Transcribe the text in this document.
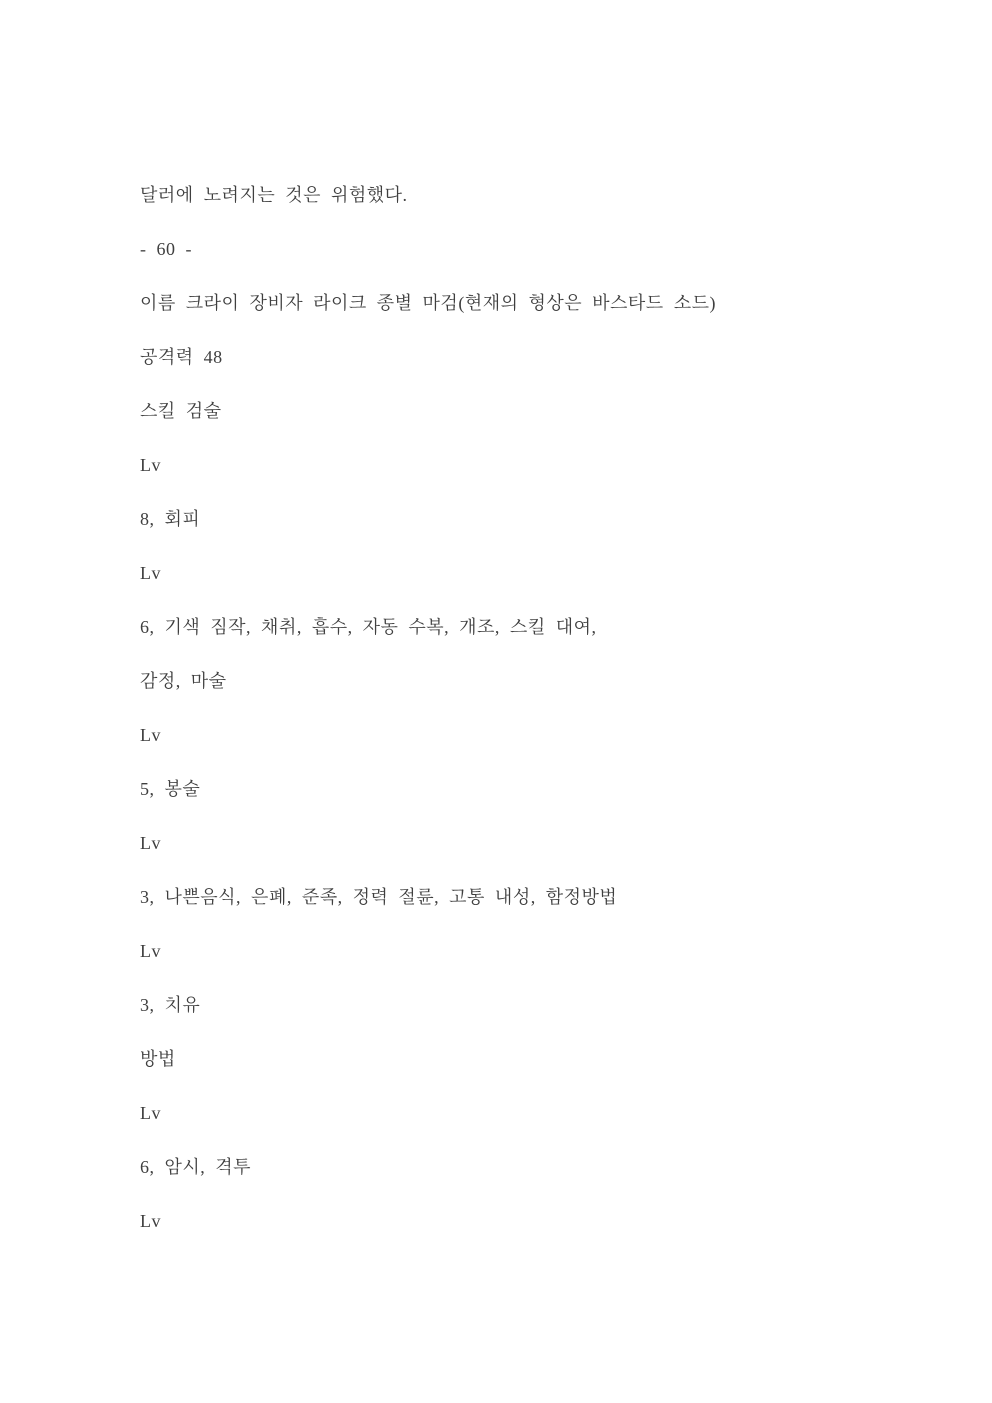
달러에 노려지는 것은 위험했다.

- 60 -

이름 크라이 장비자 라이크 종별 마검(현재의 형상은 바스타드 소드)

공격력 48

스킬 검술

Lv

8, 회피

Lv

6, 기색 짐작, 채취, 흡수, 자동 수복, 개조, 스킬 대여,

감정, 마술

Lv

5, 봉술

Lv

3, 나쁜음식, 은폐, 준족, 정력 절륜, 고통 내성, 함정방법

Lv

3, 치유

방법

Lv

6, 암시, 격투

Lv
